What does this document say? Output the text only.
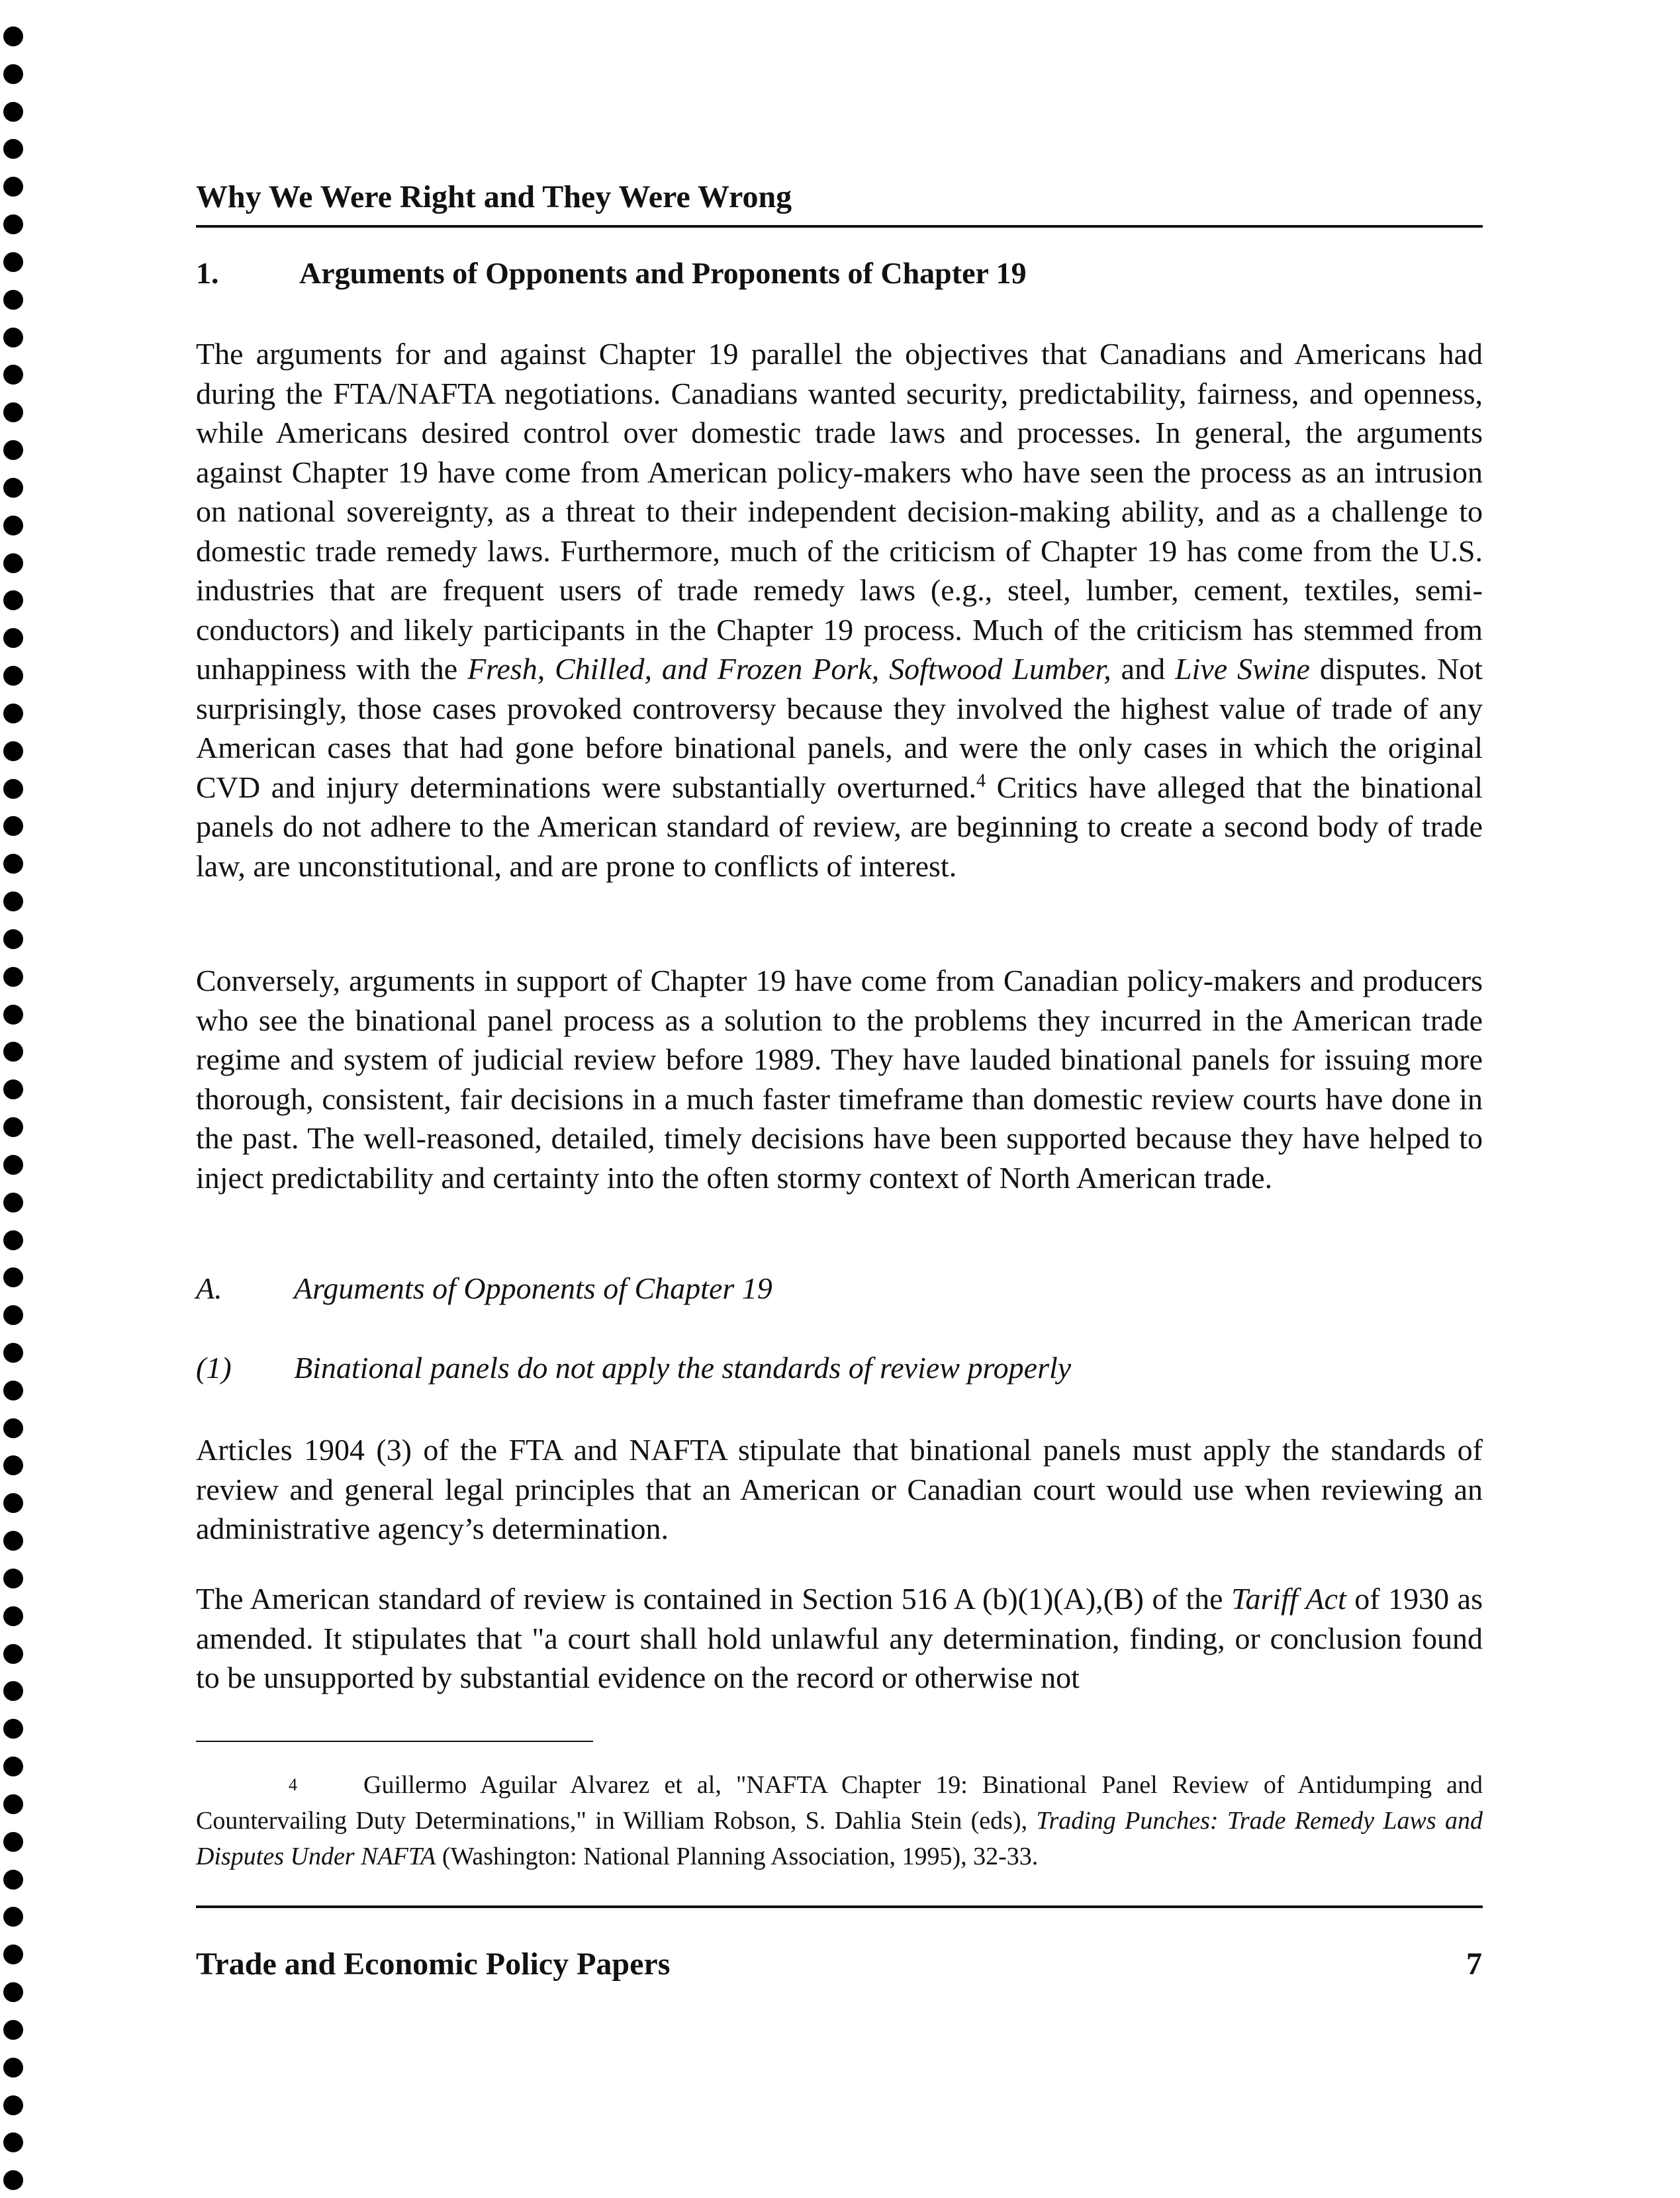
Why We Were Right and They Were Wrong
1.	Arguments of Opponents and Proponents of Chapter 19

The arguments for and against Chapter 19 parallel the objectives that Canadians and Americans had during the FTA/NAFTA negotiations. Canadians wanted security, predictability, fairness, and openness, while Americans desired control over domestic trade laws and processes. In general, the arguments against Chapter 19 have come from American policy-makers who have seen the process as an intrusion on national sovereignty, as a threat to their independent decision-making ability, and as a challenge to domestic trade remedy laws. Furthermore, much of the criticism of Chapter 19 has come from the U.S. industries that are frequent users of trade remedy laws (e.g., steel, lumber, cement, textiles, semi-conductors) and likely participants in the Chapter 19 process. Much of the criticism has stemmed from unhappiness with the Fresh, Chilled, and Frozen Pork, Softwood Lumber, and Live Swine disputes. Not surprisingly, those cases provoked controversy because they involved the highest value of trade of any American cases that had gone before binational panels, and were the only cases in which the original CVD and injury determinations were substantially overturned.$^4$ Critics have alleged that the binational panels do not adhere to the American standard of review, are beginning to create a second body of trade law, are unconstitutional, and are prone to conflicts of interest.

Conversely, arguments in support of Chapter 19 have come from Canadian policy-makers and producers who see the binational panel process as a solution to the problems they incurred in the American trade regime and system of judicial review before 1989. They have lauded binational panels for issuing more thorough, consistent, fair decisions in a much faster timeframe than domestic review courts have done in the past. The well-reasoned, detailed, timely decisions have been supported because they have helped to inject predictability and certainty into the often stormy context of North American trade.

A.	Arguments of Opponents of Chapter 19
(1)	Binational panels do not apply the standards of review properly

Articles 1904 (3) of the FTA and NAFTA stipulate that binational panels must apply the standards of review and general legal principles that an American or Canadian court would use when reviewing an administrative agency’s determination.

The American standard of review is contained in Section 516 A (b)(1)(A),(B) of the Tariff Act of 1930 as amended. It stipulates that "a court shall hold unlawful any determination, finding, or conclusion found to be unsupported by substantial evidence on the record or otherwise not

$^4$	Guillermo Aguilar Alvarez et al, "NAFTA Chapter 19: Binational Panel Review of Antidumping and Countervailing Duty Determinations," in William Robson, S. Dahlia Stein (eds), Trading Punches: Trade Remedy Laws and Disputes Under NAFTA (Washington: National Planning Association, 1995), 32-33.

Trade and Economic Policy Papers	7
